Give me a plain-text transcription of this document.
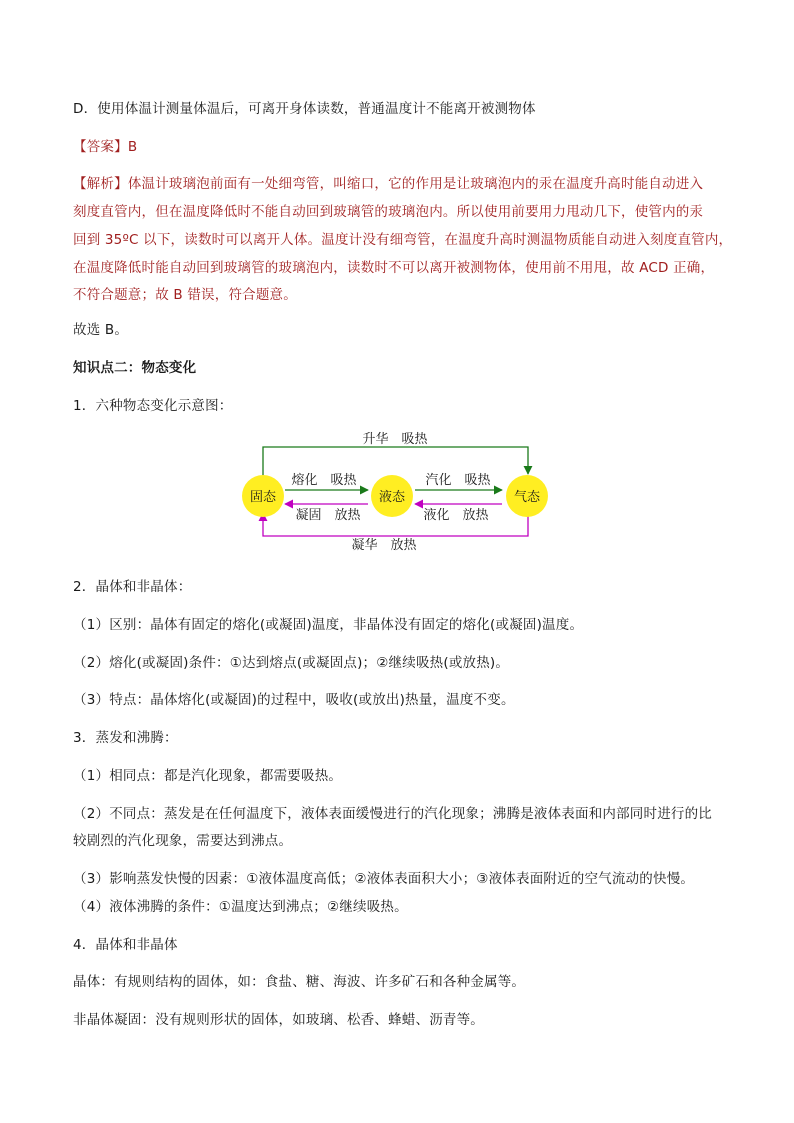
D．使用体温计测量体温后，可离开身体读数，普通温度计不能离开被测物体
【答案】B
【解析】体温计玻璃泡前面有一处细弯管，叫缩口，它的作用是让玻璃泡内的汞在温度升高时能自动进入
刻度直管内，但在温度降低时不能自动回到玻璃管的玻璃泡内。所以使用前要用力甩动几下，使管内的汞
回到 35ºC 以下，读数时可以离开人体。温度计没有细弯管，在温度升高时测温物质能自动进入刻度直管内，
在温度降低时能自动回到玻璃管的玻璃泡内，读数时不可以离开被测物体，使用前不用甩，故 ACD 正确，
不符合题意；故 B 错误，符合题意。
故选 B。
知识点二：物态变化
1．六种物态变化示意图：
升华　吸热
凝华　放热
熔化　吸热
凝固　放热
汽化　吸热
液化　放热
固态	液态	气态
2．晶体和非晶体：
（1）区别：晶体有固定的熔化(或凝固)温度，非晶体没有固定的熔化(或凝固)温度。
（2）熔化(或凝固)条件：①达到熔点(或凝固点)；②继续吸热(或放热)。
（3）特点：晶体熔化(或凝固)的过程中，吸收(或放出)热量，温度不变。
3．蒸发和沸腾：
（1）相同点：都是汽化现象，都需要吸热。
（2）不同点：蒸发是在任何温度下，液体表面缓慢进行的汽化现象；沸腾是液体表面和内部同时进行的比
较剧烈的汽化现象，需要达到沸点。
（3）影响蒸发快慢的因素：①液体温度高低；②液体表面积大小；③液体表面附近的空气流动的快慢。
（4）液体沸腾的条件：①温度达到沸点；②继续吸热。
4．晶体和非晶体
晶体：有规则结构的固体，如：食盐、糖、海波、许多矿石和各种金属等。
非晶体凝固：没有规则形状的固体，如玻璃、松香、蜂蜡、沥青等。
